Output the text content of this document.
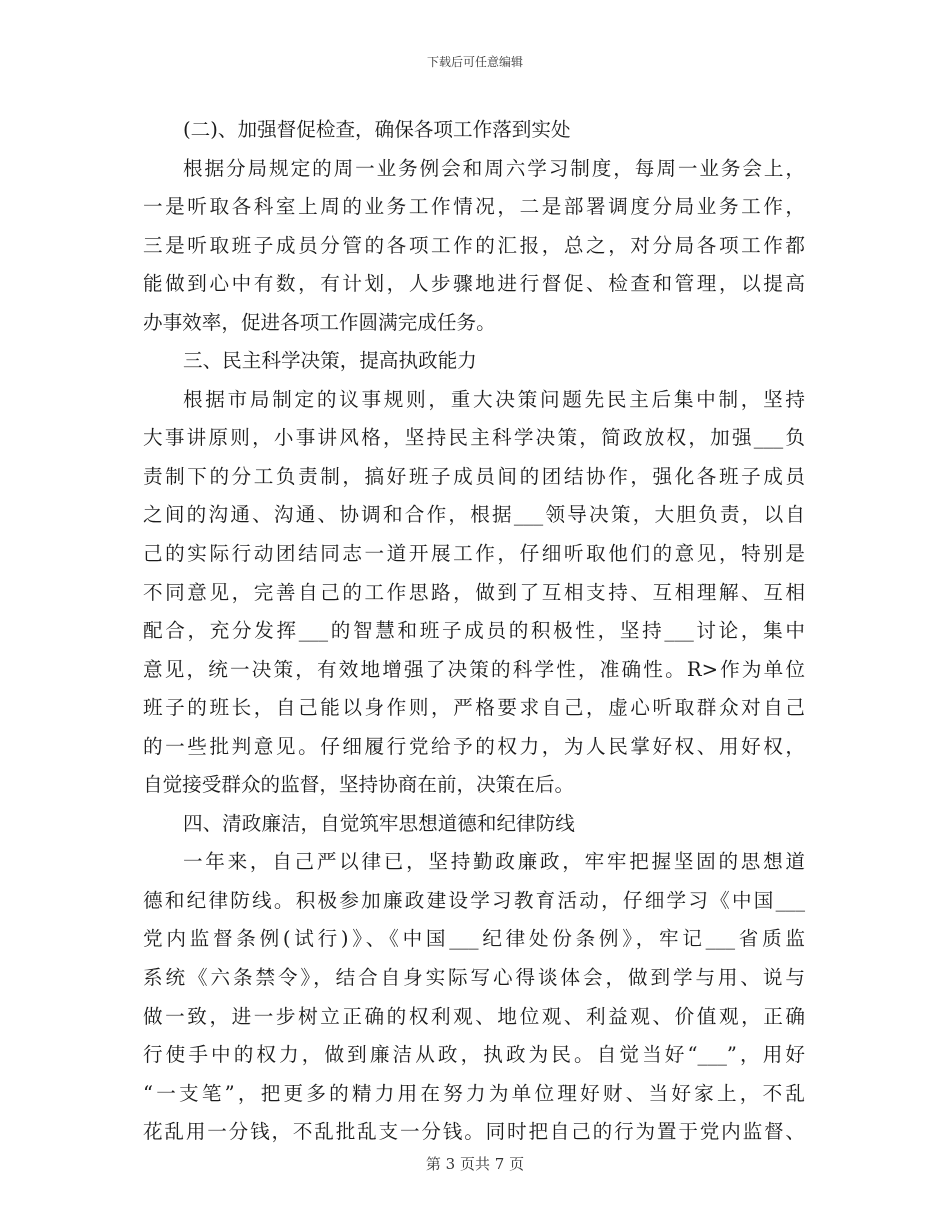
下载后可任意编辑
(二)、加强督促检查，确保各项工作落到实处
根据分局规定的周一业务例会和周六学习制度，每周一业务会上，
一是听取各科室上周的业务工作情况，二是部署调度分局业务工作，
三是听取班子成员分管的各项工作的汇报，总之，对分局各项工作都
能做到心中有数，有计划，人步骤地进行督促、检查和管理，以提高
办事效率，促进各项工作圆满完成任务。
三、民主科学决策，提高执政能力
根据市局制定的议事规则，重大决策问题先民主后集中制，坚持
大事讲原则，小事讲风格，坚持民主科学决策，简政放权，加强___负
责制下的分工负责制，搞好班子成员间的团结协作，强化各班子成员
之间的沟通、沟通、协调和合作，根据___领导决策，大胆负责，以自
己的实际行动团结同志一道开展工作，仔细听取他们的意见，特别是
不同意见，完善自己的工作思路，做到了互相支持、互相理解、互相
配合，充分发挥___的智慧和班子成员的积极性，坚持___讨论，集中
意见，统一决策，有效地增强了决策的科学性，准确性。R>作为单位
班子的班长，自己能以身作则，严格要求自己，虚心听取群众对自己
的一些批判意见。仔细履行党给予的权力，为人民掌好权、用好权，
自觉接受群众的监督，坚持协商在前，决策在后。
四、清政廉洁，自觉筑牢思想道德和纪律防线
一年来，自己严以律已，坚持勤政廉政，牢牢把握坚固的思想道
德和纪律防线。积极参加廉政建设学习教育活动，仔细学习《中国___
党内监督条例(试行)》、《中国___纪律处份条例》，牢记___省质监
系统《六条禁令》，结合自身实际写心得谈体会，做到学与用、说与
做一致，进一步树立正确的权利观、地位观、利益观、价值观，正确
行使手中的权力，做到廉洁从政，执政为民。自觉当好“___”，用好
“一支笔”，把更多的精力用在努力为单位理好财、当好家上，不乱
花乱用一分钱，不乱批乱支一分钱。同时把自己的行为置于党内监督、
第 3 页共 7 页
